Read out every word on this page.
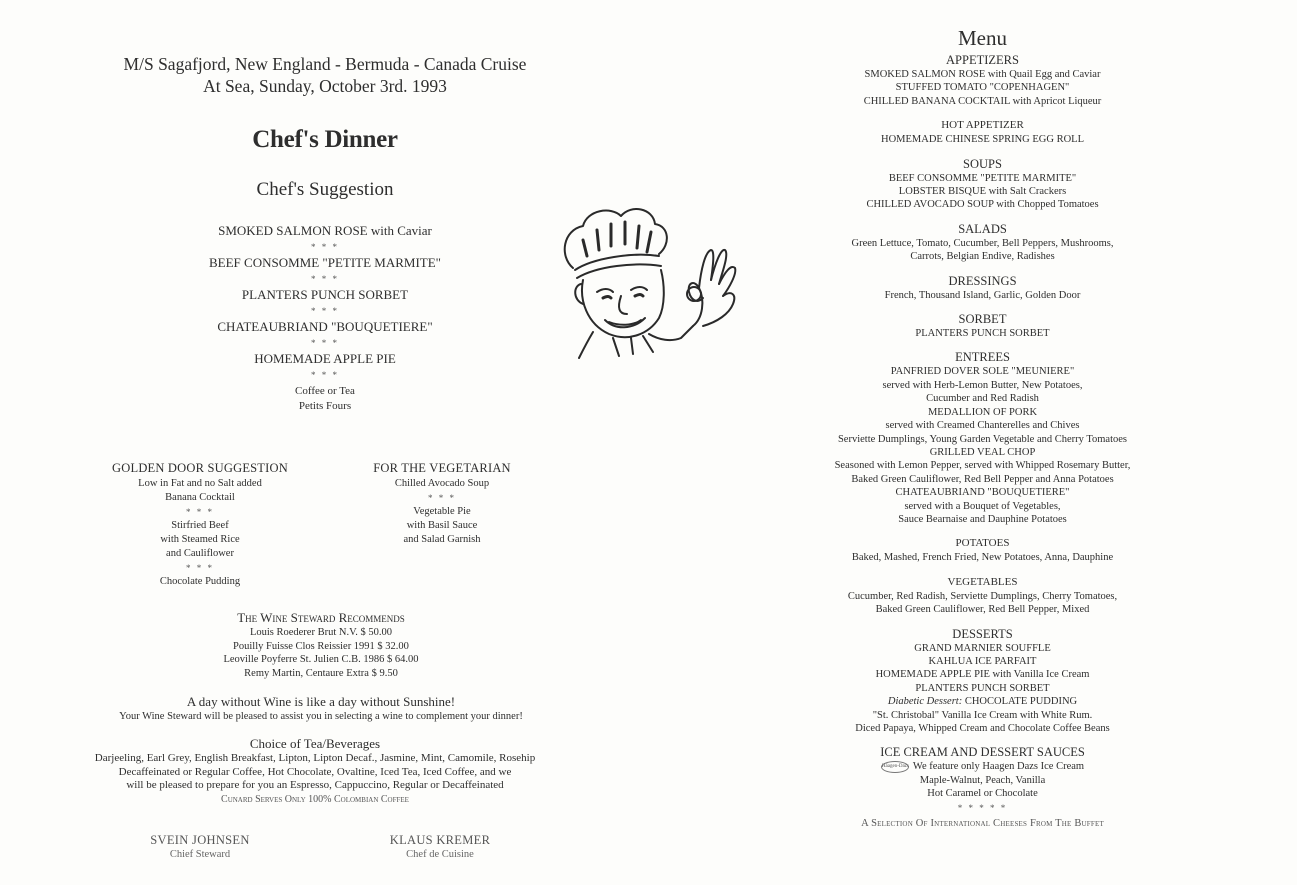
M/S Sagafjord, New England - Bermuda - Canada Cruise
At Sea, Sunday, October 3rd. 1993
Chef's Dinner
Chef's Suggestion
SMOKED SALMON ROSE with Caviar
* * *
BEEF CONSOMME "PETITE MARMITE"
* * *
PLANTERS PUNCH SORBET
* * *
CHATEAUBRIAND "BOUQUETIERE"
* * *
HOMEMADE APPLE PIE
* * *
Coffee or Tea
Petits Fours
GOLDEN DOOR SUGGESTION
Low in Fat and no Salt added
Banana Cocktail
* * *
Stirfried Beef
with Steamed Rice
and Cauliflower
* * *
Chocolate Pudding
FOR THE VEGETARIAN
Chilled Avocado Soup
* * *
Vegetable Pie
with Basil Sauce
and Salad Garnish
The Wine Steward Recommends
Louis Roederer Brut N.V. $ 50.00
Pouilly Fuisse Clos Reissier 1991 $ 32.00
Leoville Poyferre St. Julien C.B. 1986 $ 64.00
Remy Martin, Centaure Extra $ 9.50
A day without Wine is like a day without Sunshine!
Your Wine Steward will be pleased to assist you in selecting a wine to complement your dinner!
Choice of Tea/Beverages
Darjeeling, Earl Grey, English Breakfast, Lipton, Lipton Decaf., Jasmine, Mint, Camomile, Rosehip
Decaffeinated or Regular Coffee, Hot Chocolate, Ovaltine, Iced Tea, Iced Coffee, and we
will be pleased to prepare for you an Espresso, Cappuccino, Regular or Decaffeinated
Cunard Serves Only 100% Colombian Coffee
SVEIN JOHNSEN
Chief Steward
KLAUS KREMER
Chef de Cuisine
Menu
APPETIZERS
SMOKED SALMON ROSE with Quail Egg and Caviar
STUFFED TOMATO "COPENHAGEN"
CHILLED BANANA COCKTAIL with Apricot Liqueur
HOT APPETIZER
HOMEMADE CHINESE SPRING EGG ROLL
SOUPS
BEEF CONSOMME "PETITE MARMITE"
LOBSTER BISQUE with Salt Crackers
CHILLED AVOCADO SOUP with Chopped Tomatoes
SALADS
Green Lettuce, Tomato, Cucumber, Bell Peppers, Mushrooms,
Carrots, Belgian Endive, Radishes
DRESSINGS
French, Thousand Island, Garlic, Golden Door
SORBET
PLANTERS PUNCH SORBET
ENTREES
PANFRIED DOVER SOLE "MEUNIERE"
served with Herb-Lemon Butter, New Potatoes,
Cucumber and Red Radish
MEDALLION OF PORK
served with Creamed Chanterelles and Chives
Serviette Dumplings, Young Garden Vegetable and Cherry Tomatoes
GRILLED VEAL CHOP
Seasoned with Lemon Pepper, served with Whipped Rosemary Butter,
Baked Green Cauliflower, Red Bell Pepper and Anna Potatoes
CHATEAUBRIAND "BOUQUETIERE"
served with a Bouquet of Vegetables,
Sauce Bearnaise and Dauphine Potatoes
POTATOES
Baked, Mashed, French Fried, New Potatoes, Anna, Dauphine
VEGETABLES
Cucumber, Red Radish, Serviette Dumplings, Cherry Tomatoes,
Baked Green Cauliflower, Red Bell Pepper, Mixed
DESSERTS
GRAND MARNIER SOUFFLE
KAHLUA ICE PARFAIT
HOMEMADE APPLE PIE with Vanilla Ice Cream
PLANTERS PUNCH SORBET
Diabetic Dessert: CHOCOLATE PUDDING
"St. Christobal" Vanilla Ice Cream with White Rum.
Diced Papaya, Whipped Cream and Chocolate Coffee Beans
ICE CREAM AND DESSERT SAUCES
Häagen-Dazs We feature only Haagen Dazs Ice Cream
Maple-Walnut, Peach, Vanilla
Hot Caramel or Chocolate
* * * * *
A Selection Of International Cheeses From The Buffet
